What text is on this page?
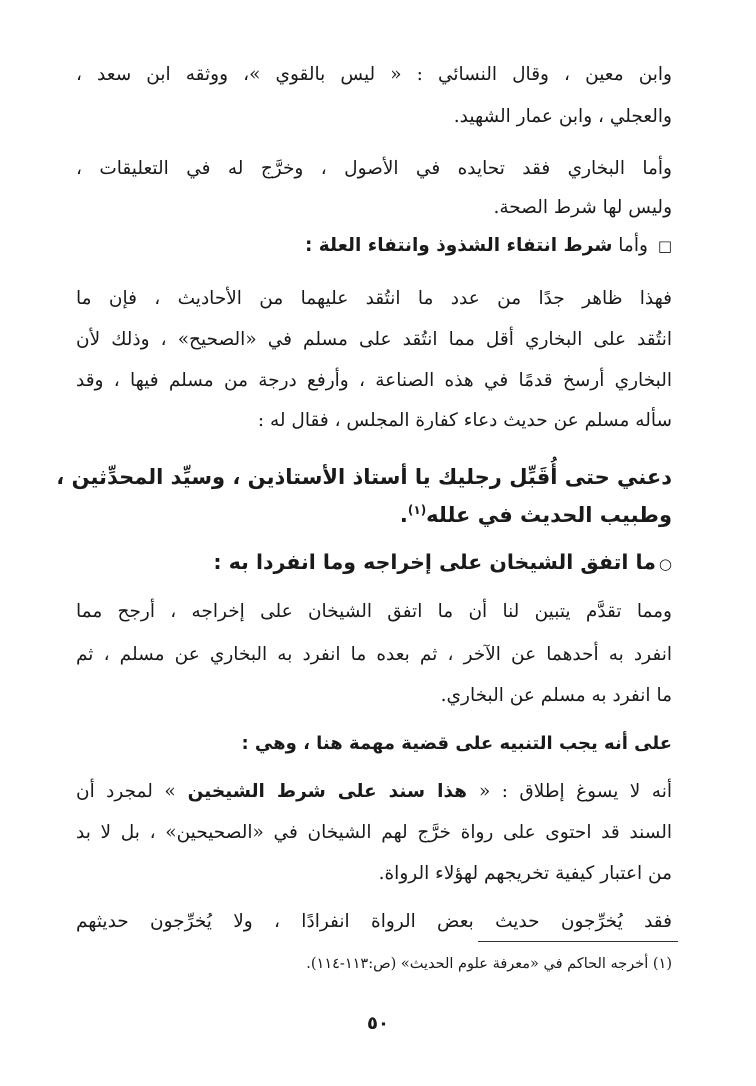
وابن معين ، وقال النسائي : « ليس بالقوي »، ووثقه ابن سعد ،
والعجلي ، وابن عمار الشهيد.
وأما البخاري فقد تحايده في الأصول ، وخرَّج له في التعليقات ،
وليس لها شرط الصحة.
□ وأما شرط انتفاء الشذوذ وانتفاء العلة :
فهذا ظاهر جدًا من عدد ما انتُقد عليهما من الأحاديث ، فإن ما
انتُقد على البخاري أقل مما انتُقد على مسلم في «الصحيح» ، وذلك لأن
البخاري أرسخ قدمًا في هذه الصناعة ، وأرفع درجة من مسلم فيها ، وقد
سأله مسلم عن حديث دعاء كفارة المجلس ، فقال له :
دعني حتى أُقَبِّل رجليك يا أستاذ الأستاذين ، وسيِّد المحدِّثين ،
وطبيب الحديث في علله$^{(١)}$.
○ما اتفق الشيخان على إخراجه وما انفردا به :
ومما تقدَّم يتبين لنا أن ما اتفق الشيخان على إخراجه ، أرجح مما
انفرد به أحدهما عن الآخر ، ثم بعده ما انفرد به البخاري عن مسلم ، ثم
ما انفرد به مسلم عن البخاري.
على أنه يجب التنبيه على قضية مهمة هنا ، وهي :
أنه لا يسوغ إطلاق : « هذا سند على شرط الشيخين » لمجرد أن
السند قد احتوى على رواة خرَّج لهم الشيخان في «الصحيحين» ، بل لا بد
من اعتبار كيفية تخريجهم لهؤلاء الرواة.
فقد يُخرِّجون حديث بعض الرواة انفرادًا ، ولا يُخرِّجون حديثهم
(١) أخرجه الحاكم في «معرفة علوم الحديث» (ص:١١٣-١١٤).
٥٠
